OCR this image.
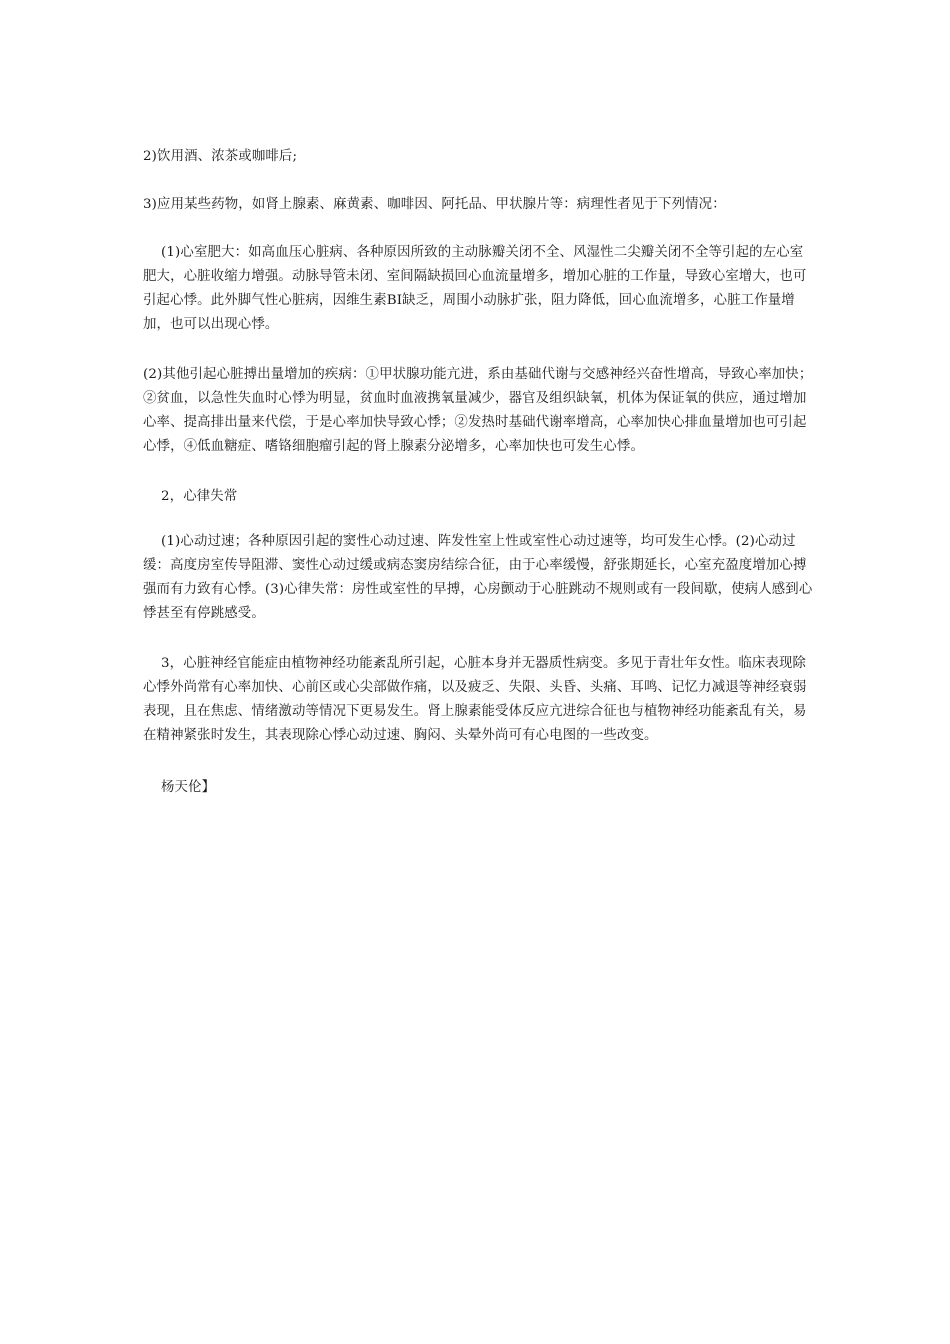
2)饮用酒、浓茶或咖啡后;

3)应用某些药物，如肾上腺素、麻黄素、咖啡因、阿托品、甲状腺片等：病理性者见于下列情况：

(1)心室肥大：如高血压心脏病、各种原因所致的主动脉瓣关闭不全、风湿性二尖瓣关闭不全等引起的左心室肥大，心脏收缩力增强。动脉导管未闭、室间隔缺损回心血流量增多，增加心脏的工作量，导致心室增大，也可引起心悸。此外脚气性心脏病，因维生素BI缺乏，周围小动脉扩张，阻力降低，回心血流增多，心脏工作量增加，也可以出现心悸。

(2)其他引起心脏搏出量增加的疾病：①甲状腺功能亢进，系由基础代谢与交感神经兴奋性增高，导致心率加快；②贫血，以急性失血时心悸为明显，贫血时血液携氧量减少，器官及组织缺氧，机体为保证氧的供应，通过增加心率、提高排出量来代偿，于是心率加快导致心悸；②发热时基础代谢率增高，心率加快心排血量增加也可引起心悸，④低血糖症、嗜铬细胞瘤引起的肾上腺素分泌增多，心率加快也可发生心悸。

2，心律失常

(1)心动过速；各种原因引起的窦性心动过速、阵发性室上性或室性心动过速等，均可发生心悸。(2)心动过缓：高度房室传导阻滞、窦性心动过缓或病态窦房结综合征，由于心率缓慢，舒张期延长，心室充盈度增加心搏强而有力致有心悸。(3)心律失常：房性或室性的早搏，心房颤动于心脏跳动不规则或有一段间歇，使病人感到心悸甚至有停跳感受。

3，心脏神经官能症由植物神经功能紊乱所引起，心脏本身并无器质性病变。多见于青壮年女性。临床表现除心悸外尚常有心率加快、心前区或心尖部做作痛，以及疲乏、失限、头昏、头痛、耳鸣、记忆力减退等神经衰弱表现，且在焦虑、情绪激动等情况下更易发生。肾上腺素能受体反应亢进综合征也与植物神经功能紊乱有关，易在精神紧张时发生，其表现除心悸心动过速、胸闷、头晕外尚可有心电图的一些改变。

杨天伦】
